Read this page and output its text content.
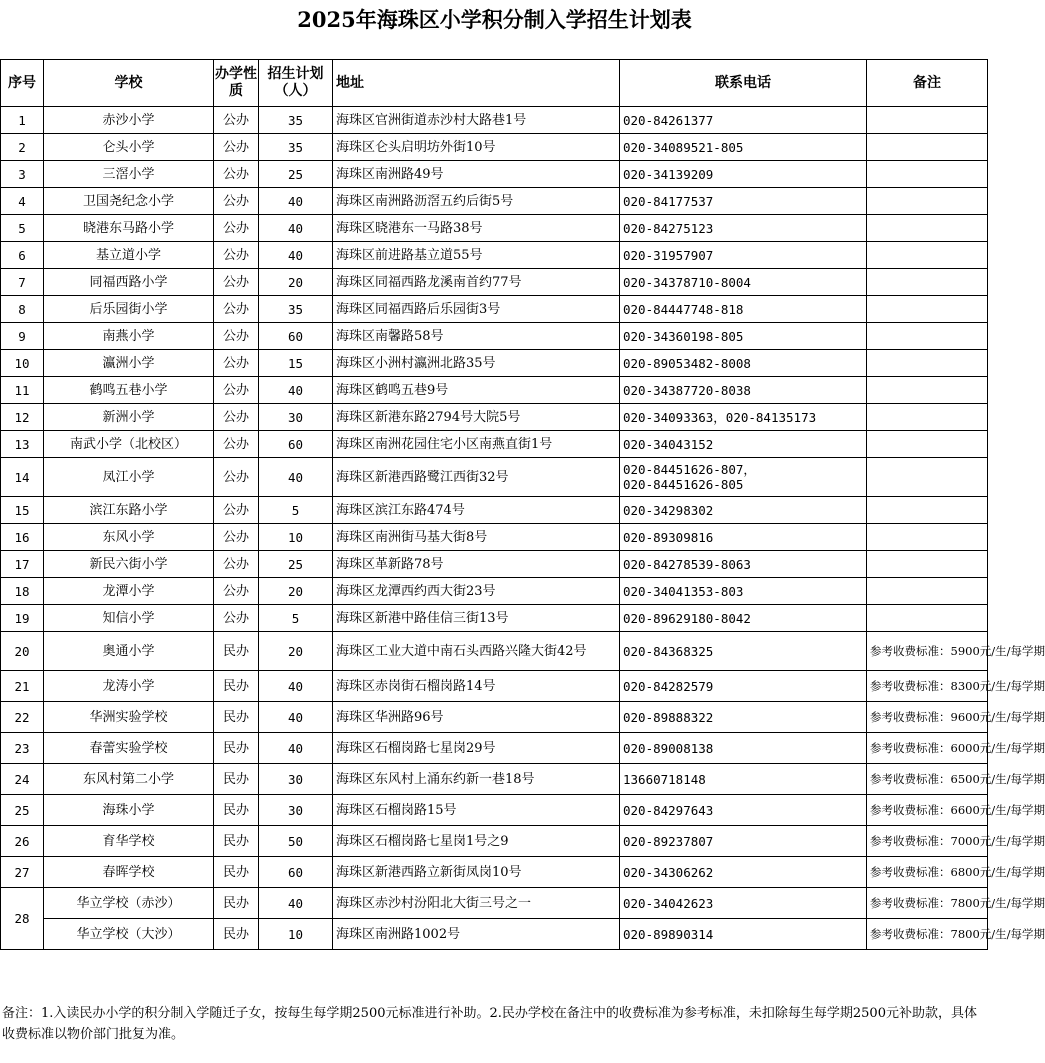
2025年海珠区小学积分制入学招生计划表
序号	学校	办学性质	招生计划（人）	地址	联系电话	备注
1	赤沙小学	公办	35	海珠区官洲街道赤沙村大路巷1号	020-84261377	
2	仑头小学	公办	35	海珠区仑头启明坊外街10号	020-34089521-805	
3	三滘小学	公办	25	海珠区南洲路49号	020-34139209	
4	卫国尧纪念小学	公办	40	海珠区南洲路沥滘五约后街5号	020-84177537	
5	晓港东马路小学	公办	40	海珠区晓港东一马路38号	020-84275123	
6	基立道小学	公办	40	海珠区前进路基立道55号	020-31957907	
7	同福西路小学	公办	20	海珠区同福西路龙溪南首约77号	020-34378710-8004	
8	后乐园街小学	公办	35	海珠区同福西路后乐园街3号	020-84447748-818	
9	南燕小学	公办	60	海珠区南馨路58号	020-34360198-805	
10	瀛洲小学	公办	15	海珠区小洲村瀛洲北路35号	020-89053482-8008	
11	鹤鸣五巷小学	公办	40	海珠区鹤鸣五巷9号	020-34387720-8038	
12	新洲小学	公办	30	海珠区新港东路2794号大院5号	020-34093363，020-84135173	
13	南武小学（北校区）	公办	60	海珠区南洲花园住宅小区南燕直街1号	020-34043152	
14	凤江小学	公办	40	海珠区新港西路鹭江西街32号	020-84451626-807，
020-84451626-805	

15	滨江东路小学	公办	5	海珠区滨江东路474号	020-34298302	
16	东风小学	公办	10	海珠区南洲街马基大街8号	020-89309816	
17	新民六街小学	公办	25	海珠区革新路78号	020-84278539-8063	
18	龙潭小学	公办	20	海珠区龙潭西约西大街23号	020-34041353-803	
19	知信小学	公办	5	海珠区新港中路佳信三街13号	020-89629180-8042	
20	奥通小学	民办	20	海珠区工业大道中南石头西路兴隆大街42号	020-84368325	参考收费标准：5900元/生/每学期
21	龙涛小学	民办	40	海珠区赤岗街石榴岗路14号	020-84282579	参考收费标准：8300元/生/每学期
22	华洲实验学校	民办	40	海珠区华洲路96号	020-89888322	参考收费标准：9600元/生/每学期
23	春蕾实验学校	民办	40	海珠区石榴岗路七星岗29号	020-89008138	参考收费标准：6000元/生/每学期
24	东风村第二小学	民办	30	海珠区东风村上涌东约新一巷18号	13660718148	参考收费标准：6500元/生/每学期
25	海珠小学	民办	30	海珠区石榴岗路15号	020-84297643	参考收费标准：6600元/生/每学期
26	育华学校	民办	50	海珠区石榴岗路七星岗1号之9	020-89237807	参考收费标准：7000元/生/每学期
27	春晖学校	民办	60	海珠区新港西路立新街凤岗10号	020-34306262	参考收费标准：6800元/生/每学期
28	华立学校（赤沙）	民办	40	海珠区赤沙村汾阳北大街三号之一	020-34042623	参考收费标准：7800元/生/每学期
	华立学校（大沙）	民办	10	海珠区南洲路1002号	020-89890314	参考收费标准：7800元/生/每学期
备注：1.入读民办小学的积分制入学随迁子女，按每生每学期2500元标准进行补助。2.民办学校在备注中的收费标准为参考标准，未扣除每生每学期2500元补助款，具体收费标准以物价部门批复为准。
